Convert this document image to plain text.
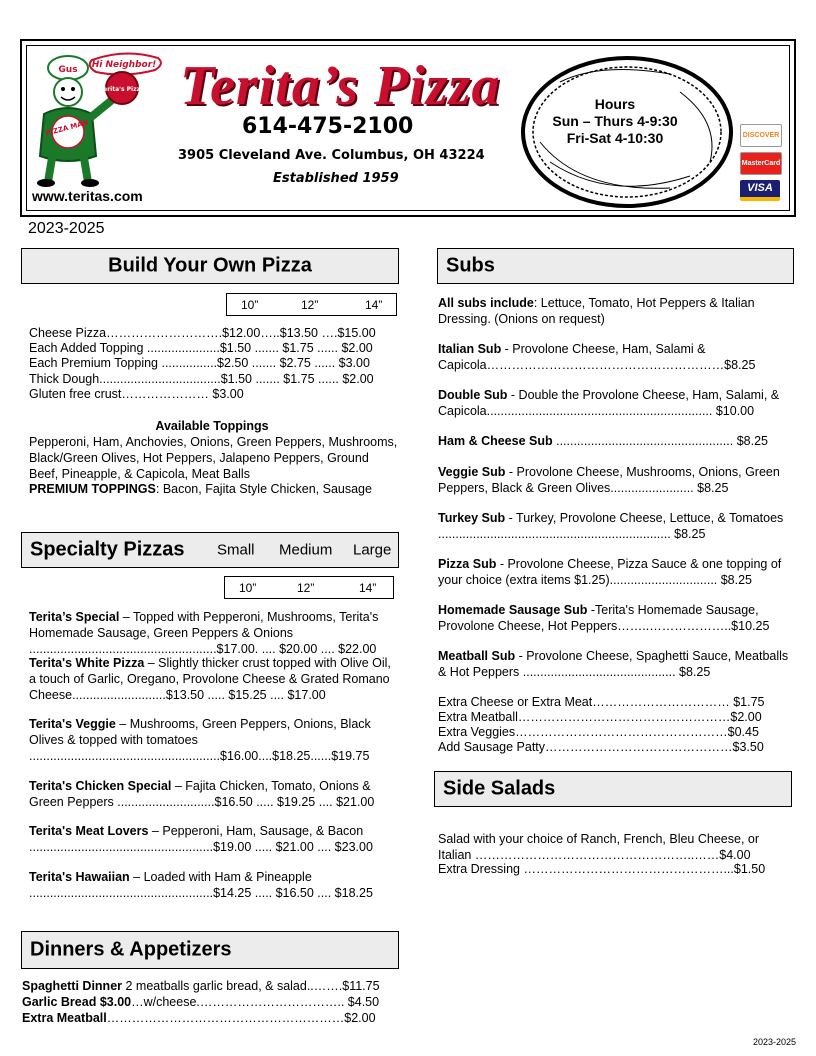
Hi Neighbor!
Gus
PIZZA MAN
Terita's Pizza Terita’s Pizza
614-475-2100
3905 Cleveland Ave. Columbus, OH 43224
Established 1959
www.teritas.com
Hours
Sun – Thurs 4-9:30
Fri-Sat 4-10:30	DISCOVER
MasterCard
VISA
2023-2025
Build Your Own Pizza
10”	12”	14”
Cheese Pizza……………………….$12.00…..$13.50 ….$15.00
Each Added Topping .....................$1.50 ....... $1.75 ...... $2.00
Each Premium Topping ................$2.50 ....... $2.75 ...... $3.00
Thick Dough...................................$1.50 ....... $1.75 ...... $2.00
Gluten free crust………………… $3.00
Available Toppings
Pepperoni, Ham, Anchovies, Onions, Green Peppers, Mushrooms, Black/Green Olives, Hot Peppers, Jalapeno Peppers, Ground Beef, Pineapple, & Capicola, Meat Balls
PREMIUM TOPPINGS: Bacon, Fajita Style Chicken, Sausage
Specialty Pizzas Small Medium Large
10”	12”	14”
Terita’s Special – Topped with Pepperoni, Mushrooms, Terita's Homemade Sausage, Green Peppers & Onions
......................................................$17.00. .... $20.00 .... $22.00
Terita's White Pizza – Slightly thicker crust topped with Olive Oil, a touch of Garlic, Oregano, Provolone Cheese & Grated Romano Cheese...........................$13.50 ..... $15.25 .... $17.00
Terita's Veggie – Mushrooms, Green Peppers, Onions, Black Olives & topped with tomatoes
.......................................................$16.00....$18.25......$19.75
Terita's Chicken Special – Fajita Chicken, Tomato, Onions & Green Peppers ............................$16.50 ..... $19.25 .... $21.00
Terita's Meat Lovers – Pepperoni, Ham, Sausage, & Bacon
.....................................................$19.00 ..... $21.00 .... $23.00
Terita's Hawaiian – Loaded with Ham & Pineapple
.....................................................$14.25 ..... $16.50 .... $18.25
Dinners & Appetizers
Spaghetti Dinner 2 meatballs garlic bread, & salad..…….$11.75
Garlic Bread $3.00…w/cheese.…………………………….. $4.50
Extra Meatball…………………………………………………$2.00
Subs
All subs include: Lettuce, Tomato, Hot Peppers & Italian Dressing. (Onions on request)
Italian Sub - Provolone Cheese, Ham, Salami & Capicola…………………………………………………$8.25
Double Sub - Double the Provolone Cheese, Ham, Salami, & Capicola................................................................. $10.00
Ham & Cheese Sub ................................................... $8.25
Veggie Sub - Provolone Cheese, Mushrooms, Onions, Green Peppers, Black & Green Olives........................ $8.25
Turkey Sub - Turkey, Provolone Cheese, Lettuce, & Tomatoes ................................................................... $8.25
Pizza Sub - Provolone Cheese, Pizza Sauce & one topping of your choice (extra items $1.25)............................... $8.25
Homemade Sausage Sub -Terita's Homemade Sausage, Provolone Cheese, Hot Peppers……..………………..$10.25
Meatball Sub - Provolone Cheese, Spaghetti Sauce, Meatballs & Hot Peppers ............................................ $8.25
Extra Cheese or Extra Meat…………………………… $1.75
Extra Meatball……………………………………………$2.00
Extra Veggies……………………………………………$0.45
Add Sausage Patty………………………………………$3.50
Side Salads
Salad with your choice of Ranch, French, Bleu Cheese, or Italian ……………………………………………..……$4.00
Extra Dressing …………………………………………...$1.50
2023-2025
